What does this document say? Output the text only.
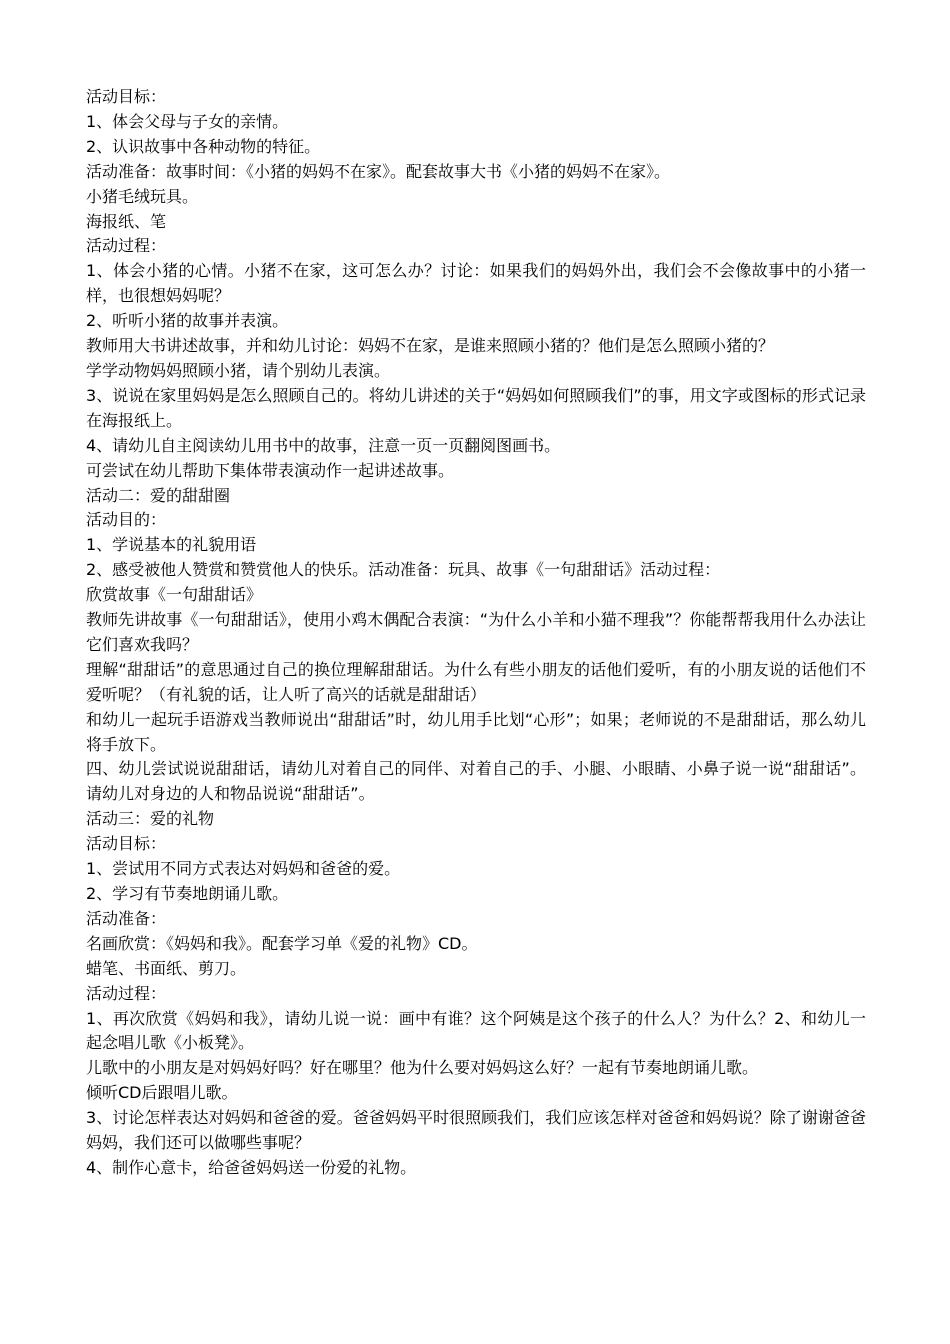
活动目标：

1、体会父母与子女的亲情。

2、认识故事中各种动物的特征。

活动准备：故事时间：《小猪的妈妈不在家》。配套故事大书《小猪的妈妈不在家》。

小猪毛绒玩具。

海报纸、笔

活动过程：

1、体会小猪的心情。小猪不在家，这可怎么办？讨论：如果我们的妈妈外出，我们会不会像故事中的小猪一样，也很想妈妈呢？

2、听听小猪的故事并表演。

教师用大书讲述故事，并和幼儿讨论：妈妈不在家，是谁来照顾小猪的？他们是怎么照顾小猪的？

学学动物妈妈照顾小猪，请个别幼儿表演。

3、说说在家里妈妈是怎么照顾自己的。将幼儿讲述的关于“妈妈如何照顾我们”的事，用文字或图标的形式记录在海报纸上。

4、请幼儿自主阅读幼儿用书中的故事，注意一页一页翻阅图画书。

可尝试在幼儿帮助下集体带表演动作一起讲述故事。

活动二：爱的甜甜圈

活动目的：

1、学说基本的礼貌用语

2、感受被他人赞赏和赞赏他人的快乐。活动准备：玩具、故事《一句甜甜话》活动过程：

欣赏故事《一句甜甜话》

教师先讲故事《一句甜甜话》，使用小鸡木偶配合表演：“为什么小羊和小猫不理我”？你能帮帮我用什么办法让它们喜欢我吗？

理解“甜甜话”的意思通过自己的换位理解甜甜话。为什么有些小朋友的话他们爱听，有的小朋友说的话他们不爱听呢？（有礼貌的话，让人听了高兴的话就是甜甜话）

和幼儿一起玩手语游戏当教师说出“甜甜话”时，幼儿用手比划“心形”；如果；老师说的不是甜甜话，那么幼儿将手放下。

四、幼儿尝试说说甜甜话，请幼儿对着自己的同伴、对着自己的手、小腿、小眼睛、小鼻子说一说“甜甜话”。请幼儿对身边的人和物品说说“甜甜话”。

活动三：爱的礼物

活动目标：

1、尝试用不同方式表达对妈妈和爸爸的爱。

2、学习有节奏地朗诵儿歌。

活动准备：

名画欣赏：《妈妈和我》。配套学习单《爱的礼物》CD。

蜡笔、书面纸、剪刀。

活动过程：

1、再次欣赏《妈妈和我》，请幼儿说一说：画中有谁？这个阿姨是这个孩子的什么人？为什么？2、和幼儿一起念唱儿歌《小板凳》。

儿歌中的小朋友是对妈妈好吗？好在哪里？他为什么要对妈妈这么好？一起有节奏地朗诵儿歌。

倾听CD后跟唱儿歌。

3、讨论怎样表达对妈妈和爸爸的爱。爸爸妈妈平时很照顾我们，我们应该怎样对爸爸和妈妈说？除了谢谢爸爸妈妈，我们还可以做哪些事呢？

4、制作心意卡，给爸爸妈妈送一份爱的礼物。
